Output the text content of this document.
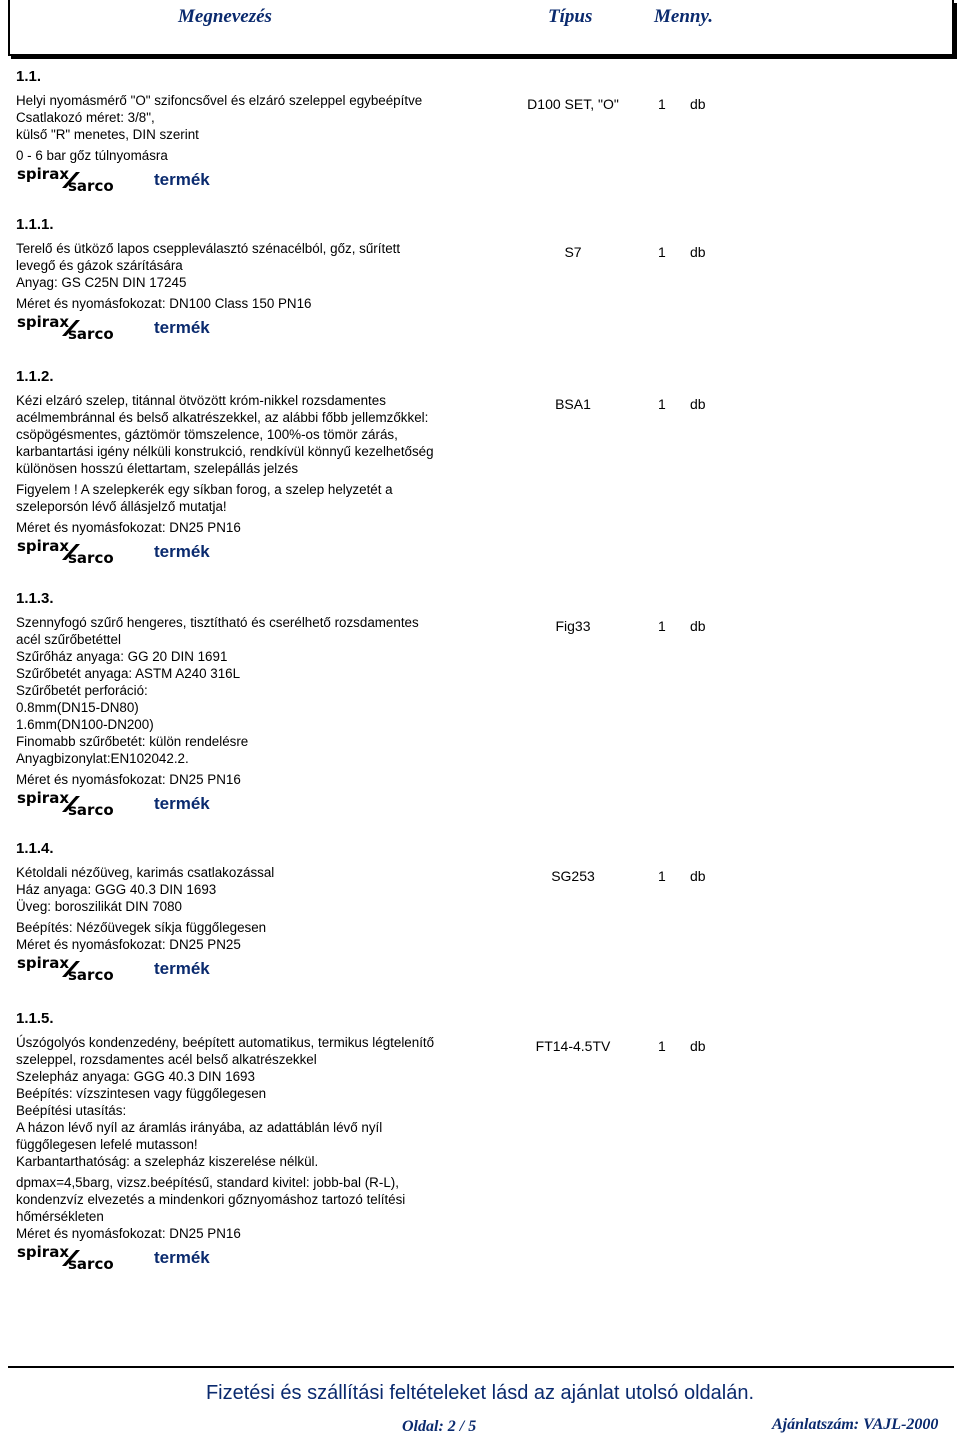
Megnevezés	Típus	Menny.
1.1.
Helyi nyomásmérő "O" szifoncsővel és elzáró szeleppel egybeépítve
Csatlakozó méret: 3/8",
külső "R" menetes, DIN szerint
0 - 6 bar gőz túlnyomásra
spirax
sarco termék
D100 SET, "O"	1 db
1.1.1.
Terelő és ütköző lapos cseppleválasztó szénacélból, gőz, sűrített
levegő és gázok szárítására
Anyag: GS C25N DIN 17245
Méret és nyomásfokozat: DN100 Class 150 PN16
spirax
sarco termék
S7	1 db
1.1.2.
Kézi elzáró szelep, titánnal ötvözött króm-nikkel rozsdamentes
acélmembránnal és belső alkatrészekkel, az alábbi főbb jellemzőkkel:
csöpögésmentes, gáztömör tömszelence, 100%-os tömör zárás,
karbantartási igény nélküli konstrukció, rendkívül könnyű kezelhetőség
különösen hosszú élettartam, szelepállás jelzés
Figyelem ! A szelepkerék egy síkban forog, a szelep helyzetét a
szeleporsón lévő állásjelző mutatja!
Méret és nyomásfokozat: DN25 PN16
spirax
sarco termék
BSA1	1 db
1.1.3.
Szennyfogó szűrő hengeres, tisztítható és cserélhető rozsdamentes
acél szűrőbetéttel
Szűrőház anyaga: GG 20 DIN 1691
Szűrőbetét anyaga: ASTM A240 316L
Szűrőbetét perforáció:
0.8mm(DN15-DN80)
1.6mm(DN100-DN200)
Finomabb szűrőbetét: külön rendelésre
Anyagbizonylat:EN102042.2.
Méret és nyomásfokozat: DN25 PN16
spirax
sarco termék
Fig33	1 db
1.1.4.
Kétoldali nézőüveg, karimás csatlakozással
Ház anyaga: GGG 40.3 DIN 1693
Üveg: boroszilikát DIN 7080
Beépítés: Nézőüvegek síkja függőlegesen
Méret és nyomásfokozat: DN25 PN25
spirax
sarco termék
SG253	1 db
1.1.5.
Úszógolyós kondenzedény, beépített automatikus, termikus légtelenítő
szeleppel, rozsdamentes acél belső alkatrészekkel
Szelepház anyaga: GGG 40.3 DIN 1693
Beépítés: vízszintesen vagy függőlegesen
Beépítési utasítás:
A házon lévő nyíl az áramlás irányába, az adattáblán lévő nyíl
függőlegesen lefelé mutasson!
Karbantarthatóság: a szelepház kiszerelése nélkül.
dpmax=4,5barg, vizsz.beépítésű, standard kivitel: jobb-bal (R-L),
kondenzvíz elvezetés a mindenkori gőznyomáshoz tartozó telítési
hőmérsékleten
Méret és nyomásfokozat: DN25 PN16
spirax
sarco termék
FT14-4.5TV	1 db
Fizetési és szállítási feltételeket lásd az ajánlat utolsó oldalán.
Oldal: 2 / 5	Ajánlatszám: VAJL-2000
